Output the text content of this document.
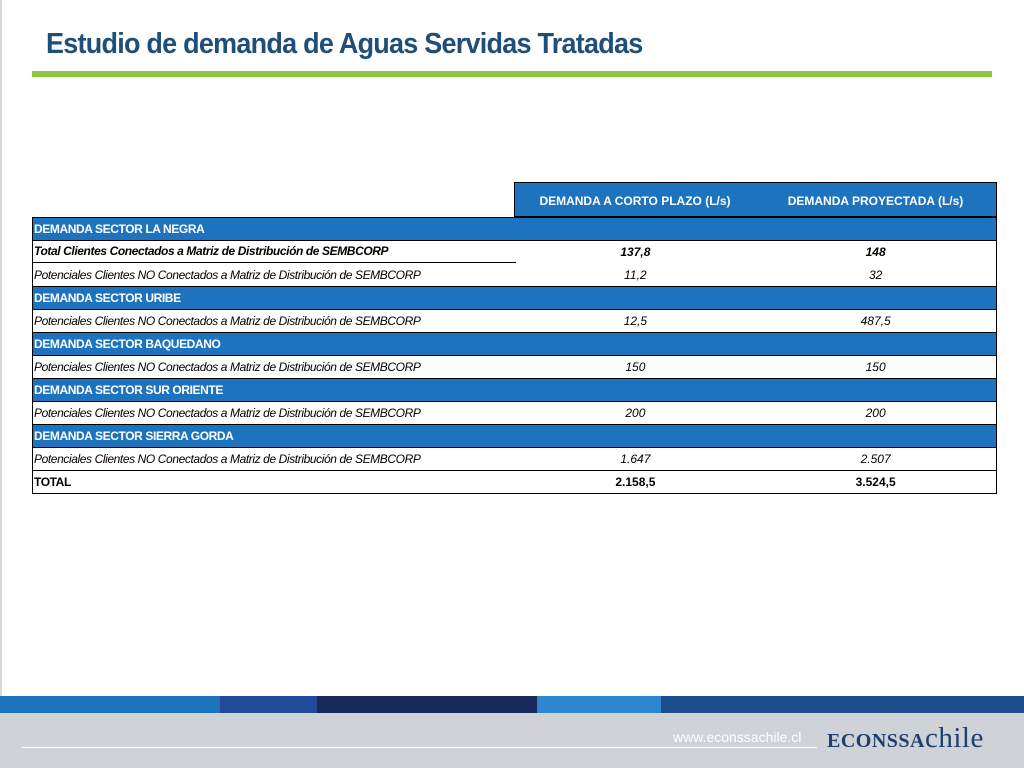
Estudio de demanda de Aguas Servidas Tratadas
DEMANDA A CORTO PLAZO (L/s)	DEMANDA PROYECTADA (L/s)
DEMANDA SECTOR LA NEGRA
Total Clientes Conectados a Matriz de Distribución de SEMBCORP	137,8	148
Potenciales Clientes NO Conectados a Matriz de Distribución de SEMBCORP	11,2	32
DEMANDA SECTOR URIBE
Potenciales Clientes NO Conectados a Matriz de Distribución de SEMBCORP	12,5	487,5
DEMANDA SECTOR BAQUEDANO
Potenciales Clientes NO Conectados a Matriz de Distribución de SEMBCORP	150	150
DEMANDA SECTOR SUR ORIENTE
Potenciales Clientes NO Conectados a Matriz de Distribución de SEMBCORP	200	200
DEMANDA SECTOR SIERRA GORDA
Potenciales Clientes NO Conectados a Matriz de Distribución de SEMBCORP	1.647	2.507
TOTAL	2.158,5	3.524,5
www.econssachile.cl ECONSSAchile
